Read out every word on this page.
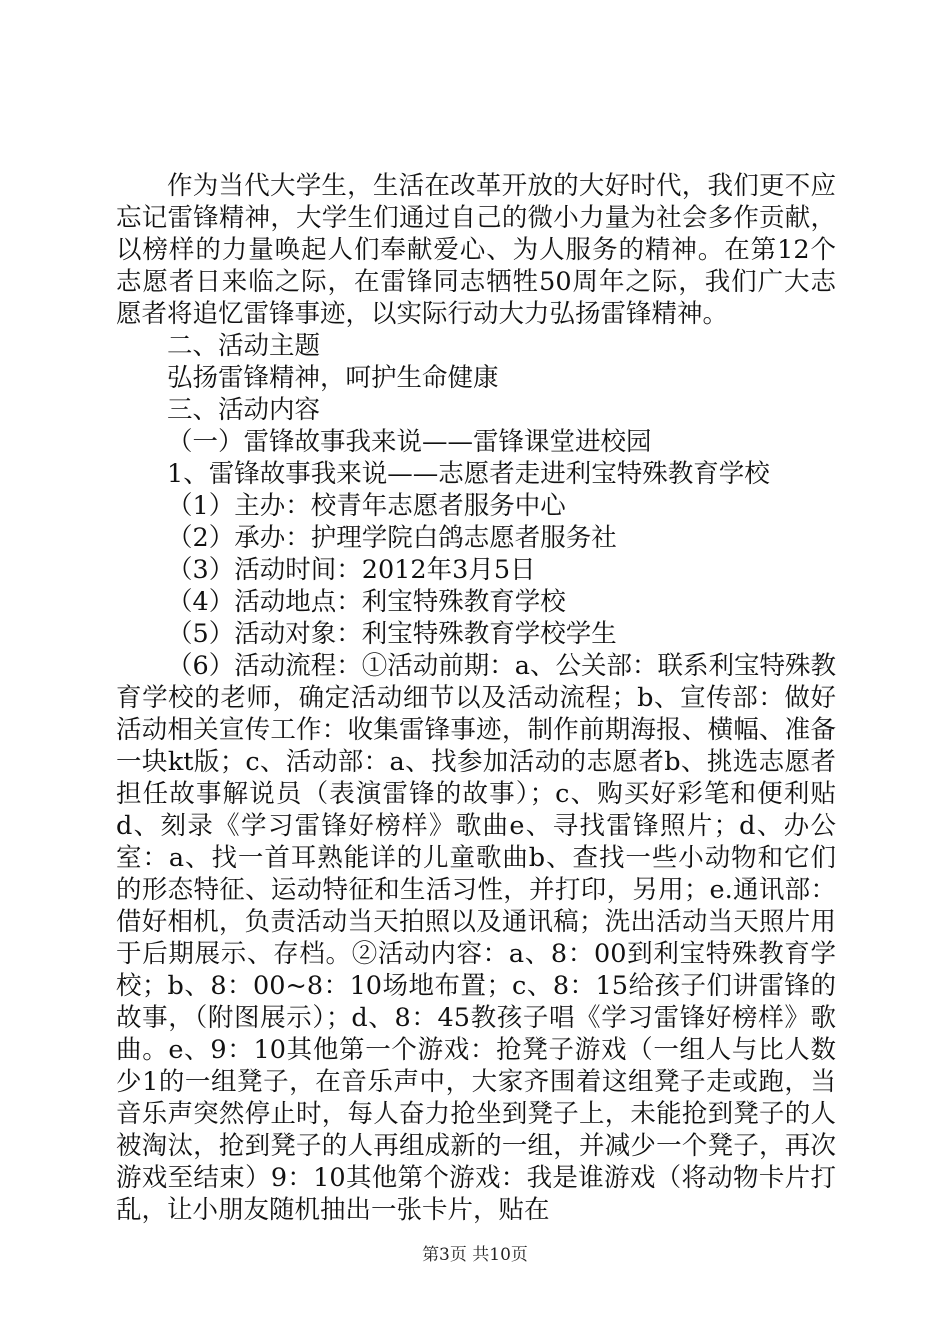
作为当代大学生，生活在改革开放的大好时代，我们更不应忘记雷锋精神，大学生们通过自己的微小力量为社会多作贡献，以榜样的力量唤起人们奉献爱心、为人服务的精神。在第12个志愿者日来临之际，在雷锋同志牺牲50周年之际，我们广大志愿者将追忆雷锋事迹，以实际行动大力弘扬雷锋精神。

二、活动主题

弘扬雷锋精神，呵护生命健康

三、活动内容

（一）雷锋故事我来说——雷锋课堂进校园

1、雷锋故事我来说——志愿者走进利宝特殊教育学校

（1）主办：校青年志愿者服务中心

（2）承办：护理学院白鸽志愿者服务社

（3）活动时间：2012年3月5日

（4）活动地点：利宝特殊教育学校

（5）活动对象：利宝特殊教育学校学生

（6）活动流程：①活动前期：a、公关部：联系利宝特殊教育学校的老师，确定活动细节以及活动流程；b、宣传部：做好活动相关宣传工作：收集雷锋事迹，制作前期海报、横幅、准备一块kt版；c、活动部：a、找参加活动的志愿者b、挑选志愿者担任故事解说员（表演雷锋的故事）；c、购买好彩笔和便利贴d、刻录《学习雷锋好榜样》歌曲e、寻找雷锋照片；d、办公室：a、找一首耳熟能详的儿童歌曲b、查找一些小动物和它们的形态特征、运动特征和生活习性，并打印，另用；e.通讯部：借好相机，负责活动当天拍照以及通讯稿；洗出活动当天照片用于后期展示、存档。②活动内容：a、8：00到利宝特殊教育学校；b、8：00~8：10场地布置；c、8：15给孩子们讲雷锋的故事，（附图展示）；d、8：45教孩子唱《学习雷锋好榜样》歌曲。e、9：10其他第一个游戏：抢凳子游戏（一组人与比人数少1的一组凳子，在音乐声中，大家齐围着这组凳子走或跑，当音乐声突然停止时，每人奋力抢坐到凳子上，未能抢到凳子的人被淘汰，抢到凳子的人再组成新的一组，并减少一个凳子，再次游戏至结束）9：10其他第个游戏：我是谁游戏（将动物卡片打乱，让小朋友随机抽出一张卡片，贴在

第3页 共10页
